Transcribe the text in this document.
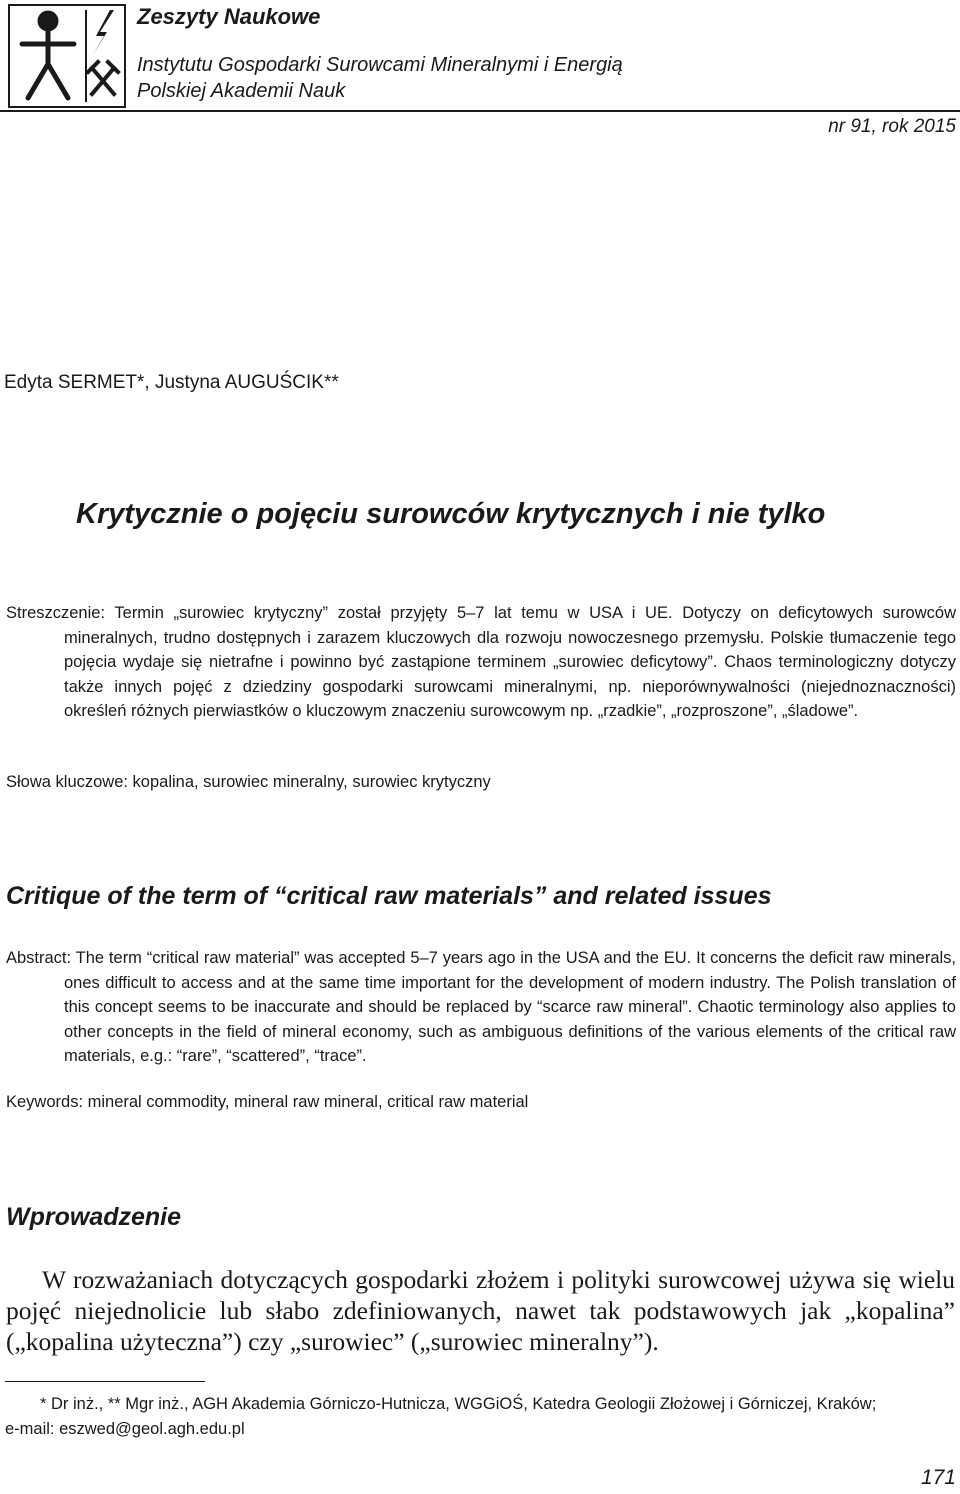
Zeszyty Naukowe
Instytutu Gospodarki Surowcami Mineralnymi i Energią
Polskiej Akademii Nauk
nr 91, rok 2015
Edyta SERMET*, Justyna AUGUŚCIK**
Krytycznie o pojęciu surowców krytycznych i nie tylko

Streszczenie: Termin „surowiec krytyczny” został przyjęty 5–7 lat temu w USA i UE. Dotyczy on deficytowych surowców mineralnych, trudno dostępnych i zarazem kluczowych dla rozwoju nowoczesnego przemysłu. Polskie tłumaczenie tego pojęcia wydaje się nietrafne i powinno być zastąpione terminem „surowiec deficytowy”. Chaos terminologiczny dotyczy także innych pojęć z dziedziny gospodarki surowcami mineralnymi, np. nieporównywalności (niejednoznaczności) określeń różnych pierwiastków o kluczowym znaczeniu surowcowym np. „rzadkie”, „rozproszone”, „śladowe”.

Słowa kluczowe: kopalina, surowiec mineralny, surowiec krytyczny
Critique of the term of “critical raw materials” and related issues

Abstract: The term “critical raw material” was accepted 5–7 years ago in the USA and the EU. It concerns the deficit raw minerals, ones difficult to access and at the same time important for the development of modern industry. The Polish translation of this concept seems to be inaccurate and should be replaced by “scarce raw mineral”. Chaotic terminology also applies to other concepts in the field of mineral economy, such as ambiguous definitions of the various elements of the critical raw materials, e.g.: “rare”, “scattered”, “trace”.

Keywords: mineral commodity, mineral raw mineral, critical raw material
Wprowadzenie

W rozważaniach dotyczących gospodarki złożem i polityki surowcowej używa się wielu pojęć niejednolicie lub słabo zdefiniowanych, nawet tak podstawowych jak „kopalina” („kopalina użyteczna”) czy „surowiec” („surowiec mineralny”).

* Dr inż., ** Mgr inż., AGH Akademia Górniczo-Hutnicza, WGGiOŚ, Katedra Geologii Złożowej i Górniczej, Kraków;
e-mail: eszwed@geol.agh.edu.pl
171
